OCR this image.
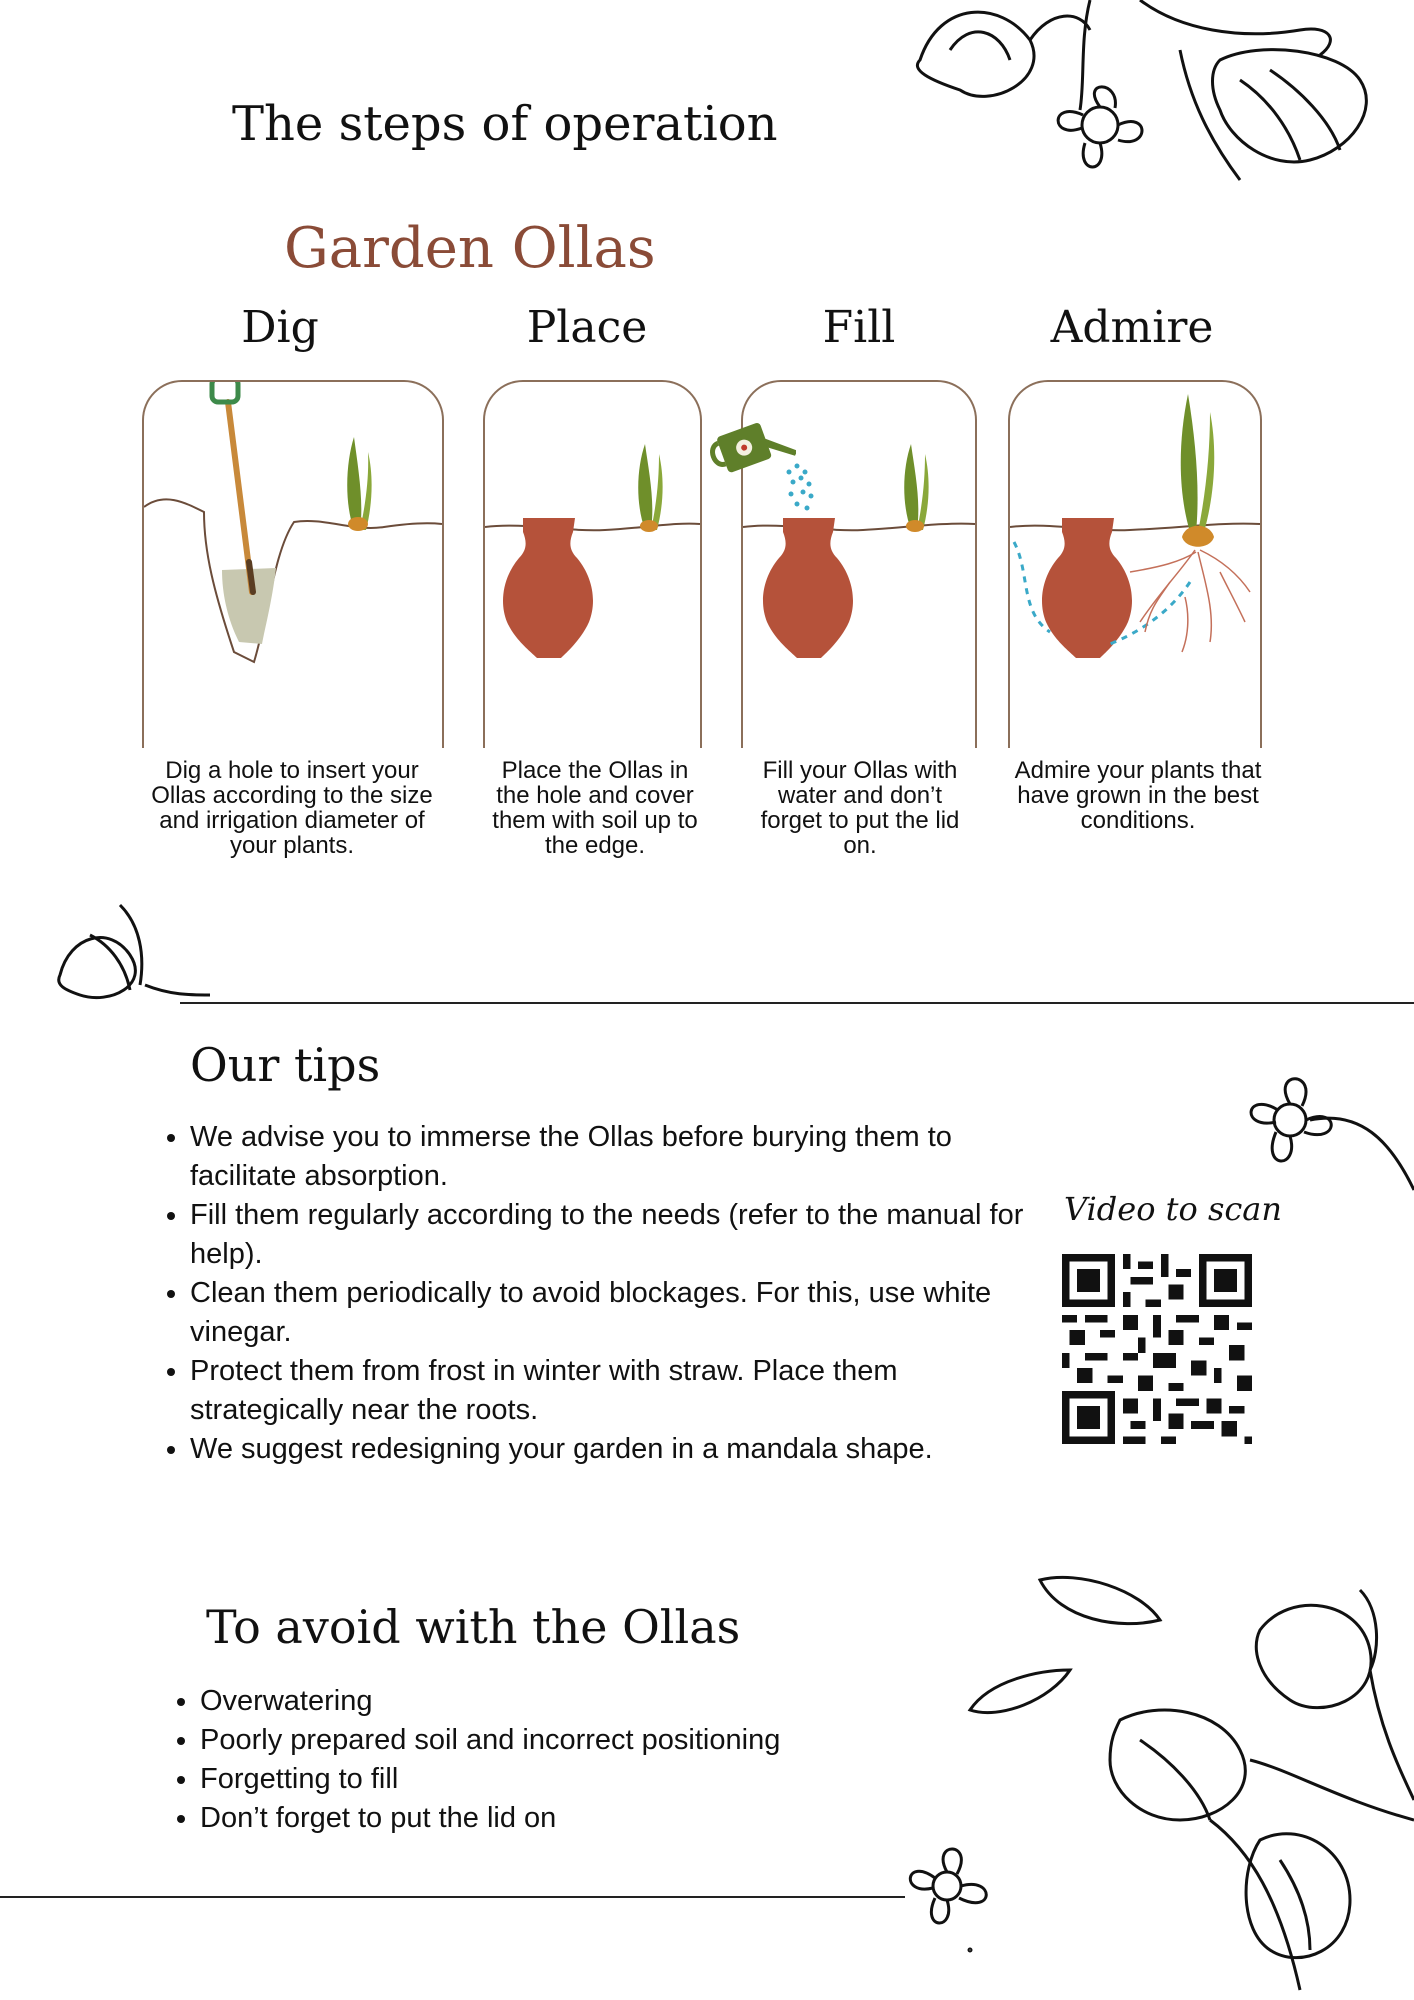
The steps of operation
Garden Ollas
Dig	Place	Fill	Admire
Dig a hole to insert your Ollas according to the size and irrigation diameter of your plants.
Place the Ollas in the hole and cover them with soil up to the edge.
Fill your Ollas with water and don’t forget to put the lid on.
Admire your plants that have grown in the best conditions.
Our tips
• We advise you to immerse the Ollas before burying them to facilitate absorption.
• Fill them regularly according to the needs (refer to the manual for help).
• Clean them periodically to avoid blockages. For this, use white vinegar.
• Protect them from frost in winter with straw. Place them strategically near the roots.
• We suggest redesigning your garden in a mandala shape.
Video to scan
To avoid with the Ollas
• Overwatering
• Poorly prepared soil and incorrect positioning
• Forgetting to fill
• Don’t forget to put the lid on
